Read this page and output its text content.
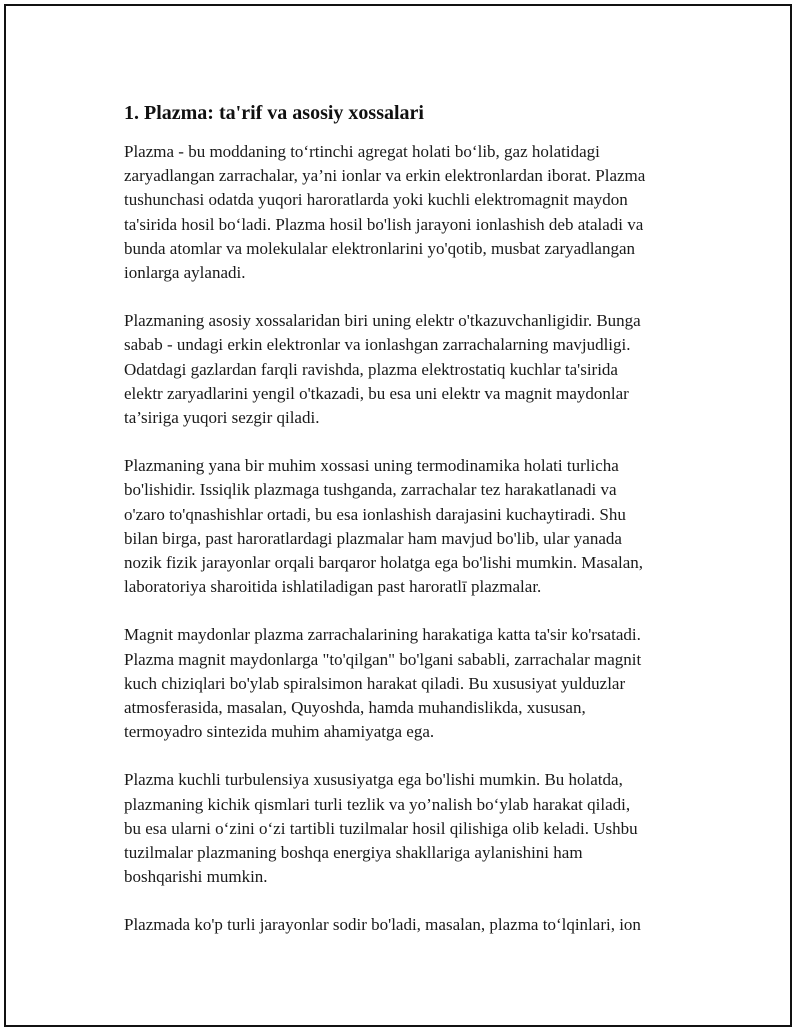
1. Plazma: ta'rif va asosiy xossalari

Plazma - bu moddaning to‘rtinchi agregat holati bo‘lib, gaz holatidagi
zaryadlangan zarrachalar, ya’ni ionlar va erkin elektronlardan iborat. Plazma
tushunchasi odatda yuqori haroratlarda yoki kuchli elektromagnit maydon
ta'sirida hosil bo‘ladi. Plazma hosil bo'lish jarayoni ionlashish deb ataladi va
bunda atomlar va molekulalar elektronlarini yo'qotib, musbat zaryadlangan
ionlarga aylanadi.

Plazmaning asosiy xossalaridan biri uning elektr o'tkazuvchanligidir. Bunga
sabab - undagi erkin elektronlar va ionlashgan zarrachalarning mavjudligi.
Odatdagi gazlardan farqli ravishda, plazma elektrostatiq kuchlar ta'sirida
elektr zaryadlarini yengil o'tkazadi, bu esa uni elektr va magnit maydonlar
ta’siriga yuqori sezgir qiladi.

Plazmaning yana bir muhim xossasi uning termodinamika holati turlicha
bo'lishidir. Issiqlik plazmaga tushganda, zarrachalar tez harakatlanadi va
o'zaro to'qnashishlar ortadi, bu esa ionlashish darajasini kuchaytiradi. Shu
bilan birga, past haroratlardagi plazmalar ham mavjud bo'lib, ular yanada
nozik fizik jarayonlar orqali barqaror holatga ega bo'lishi mumkin. Masalan,
laboratoriya sharoitida ishlatiladigan past haroratlī plazmalar.

Magnit maydonlar plazma zarrachalarining harakatiga katta ta'sir ko'rsatadi.
Plazma magnit maydonlarga "to'qilgan" bo'lgani sababli, zarrachalar magnit
kuch chiziqlari bo'ylab spiralsimon harakat qiladi. Bu xususiyat yulduzlar
atmosferasida, masalan, Quyoshda, hamda muhandislikda, xususan,
termoyadro sintezida muhim ahamiyatga ega.

Plazma kuchli turbulensiya xususiyatga ega bo'lishi mumkin. Bu holatda,
plazmaning kichik qismlari turli tezlik va yo’nalish bo‘ylab harakat qiladi,
bu esa ularni o‘zini o‘zi tartibli tuzilmalar hosil qilishiga olib keladi. Ushbu
tuzilmalar plazmaning boshqa energiya shakllariga aylanishini ham
boshqarishi mumkin.

Plazmada ko'p turli jarayonlar sodir bo'ladi, masalan, plazma to‘lqinlari, ion
